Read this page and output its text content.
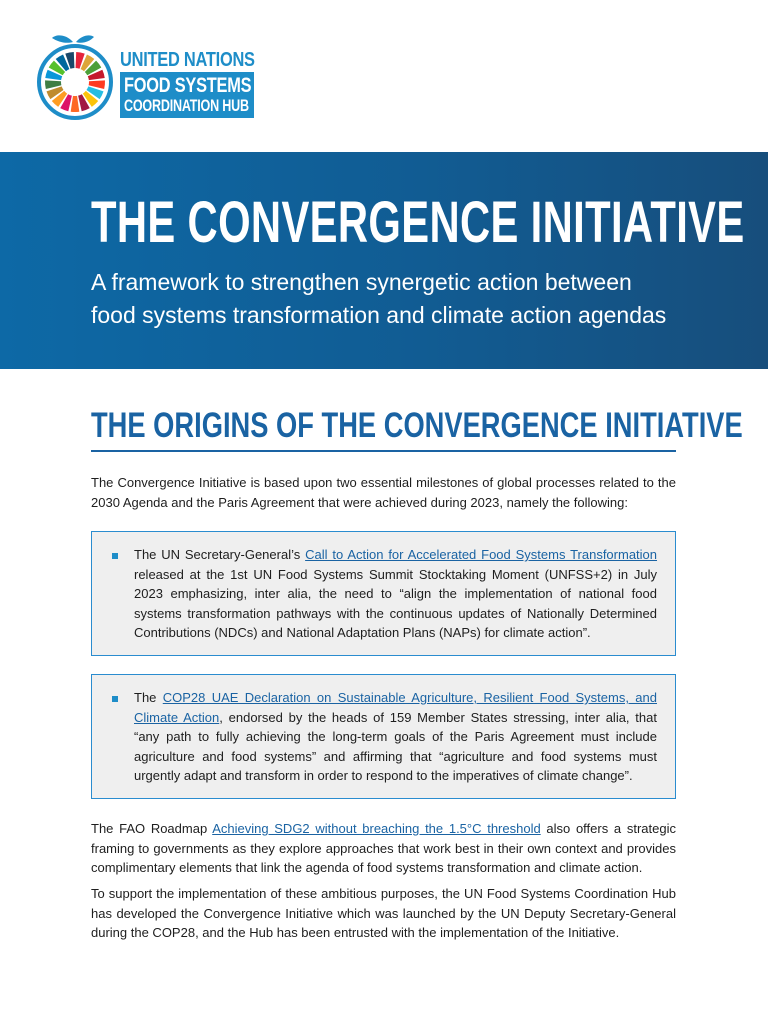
UNITED NATIONS
FOOD SYSTEMS
COORDINATION HUB
THE CONVERGENCE INITIATIVE

A framework to strengthen synergetic action between
food systems transformation and climate action agendas

THE ORIGINS OF THE CONVERGENCE INITIATIVE

The Convergence Initiative is based upon two essential milestones of global processes related to the 2030 Agenda and the Paris Agreement that were achieved during 2023, namely the following:

The UN Secretary-General’s Call to Action for Accelerated Food Systems Transformation released at the 1st UN Food Systems Summit Stocktaking Moment (UNFSS+2) in July 2023 emphasizing, inter alia, the need to “align the implementation of national food systems transformation pathways with the continuous updates of Nationally Determined Contributions (NDCs) and National Adaptation Plans (NAPs) for climate action”.

The COP28 UAE Declaration on Sustainable Agriculture, Resilient Food Systems, and Climate Action, endorsed by the heads of 159 Member States stressing, inter alia, that “any path to fully achieving the long-term goals of the Paris Agreement must include agriculture and food systems” and affirming that “agriculture and food systems must urgently adapt and transform in order to respond to the imperatives of climate change”.

The FAO Roadmap Achieving SDG2 without breaching the 1.5°C threshold also offers a strategic framing to governments as they explore approaches that work best in their own context and provides complimentary elements that link the agenda of food systems transformation and climate action.

To support the implementation of these ambitious purposes, the UN Food Systems Coordination Hub has developed the Convergence Initiative which was launched by the UN Deputy Secretary-General during the COP28, and the Hub has been entrusted with the implementation of the Initiative.
